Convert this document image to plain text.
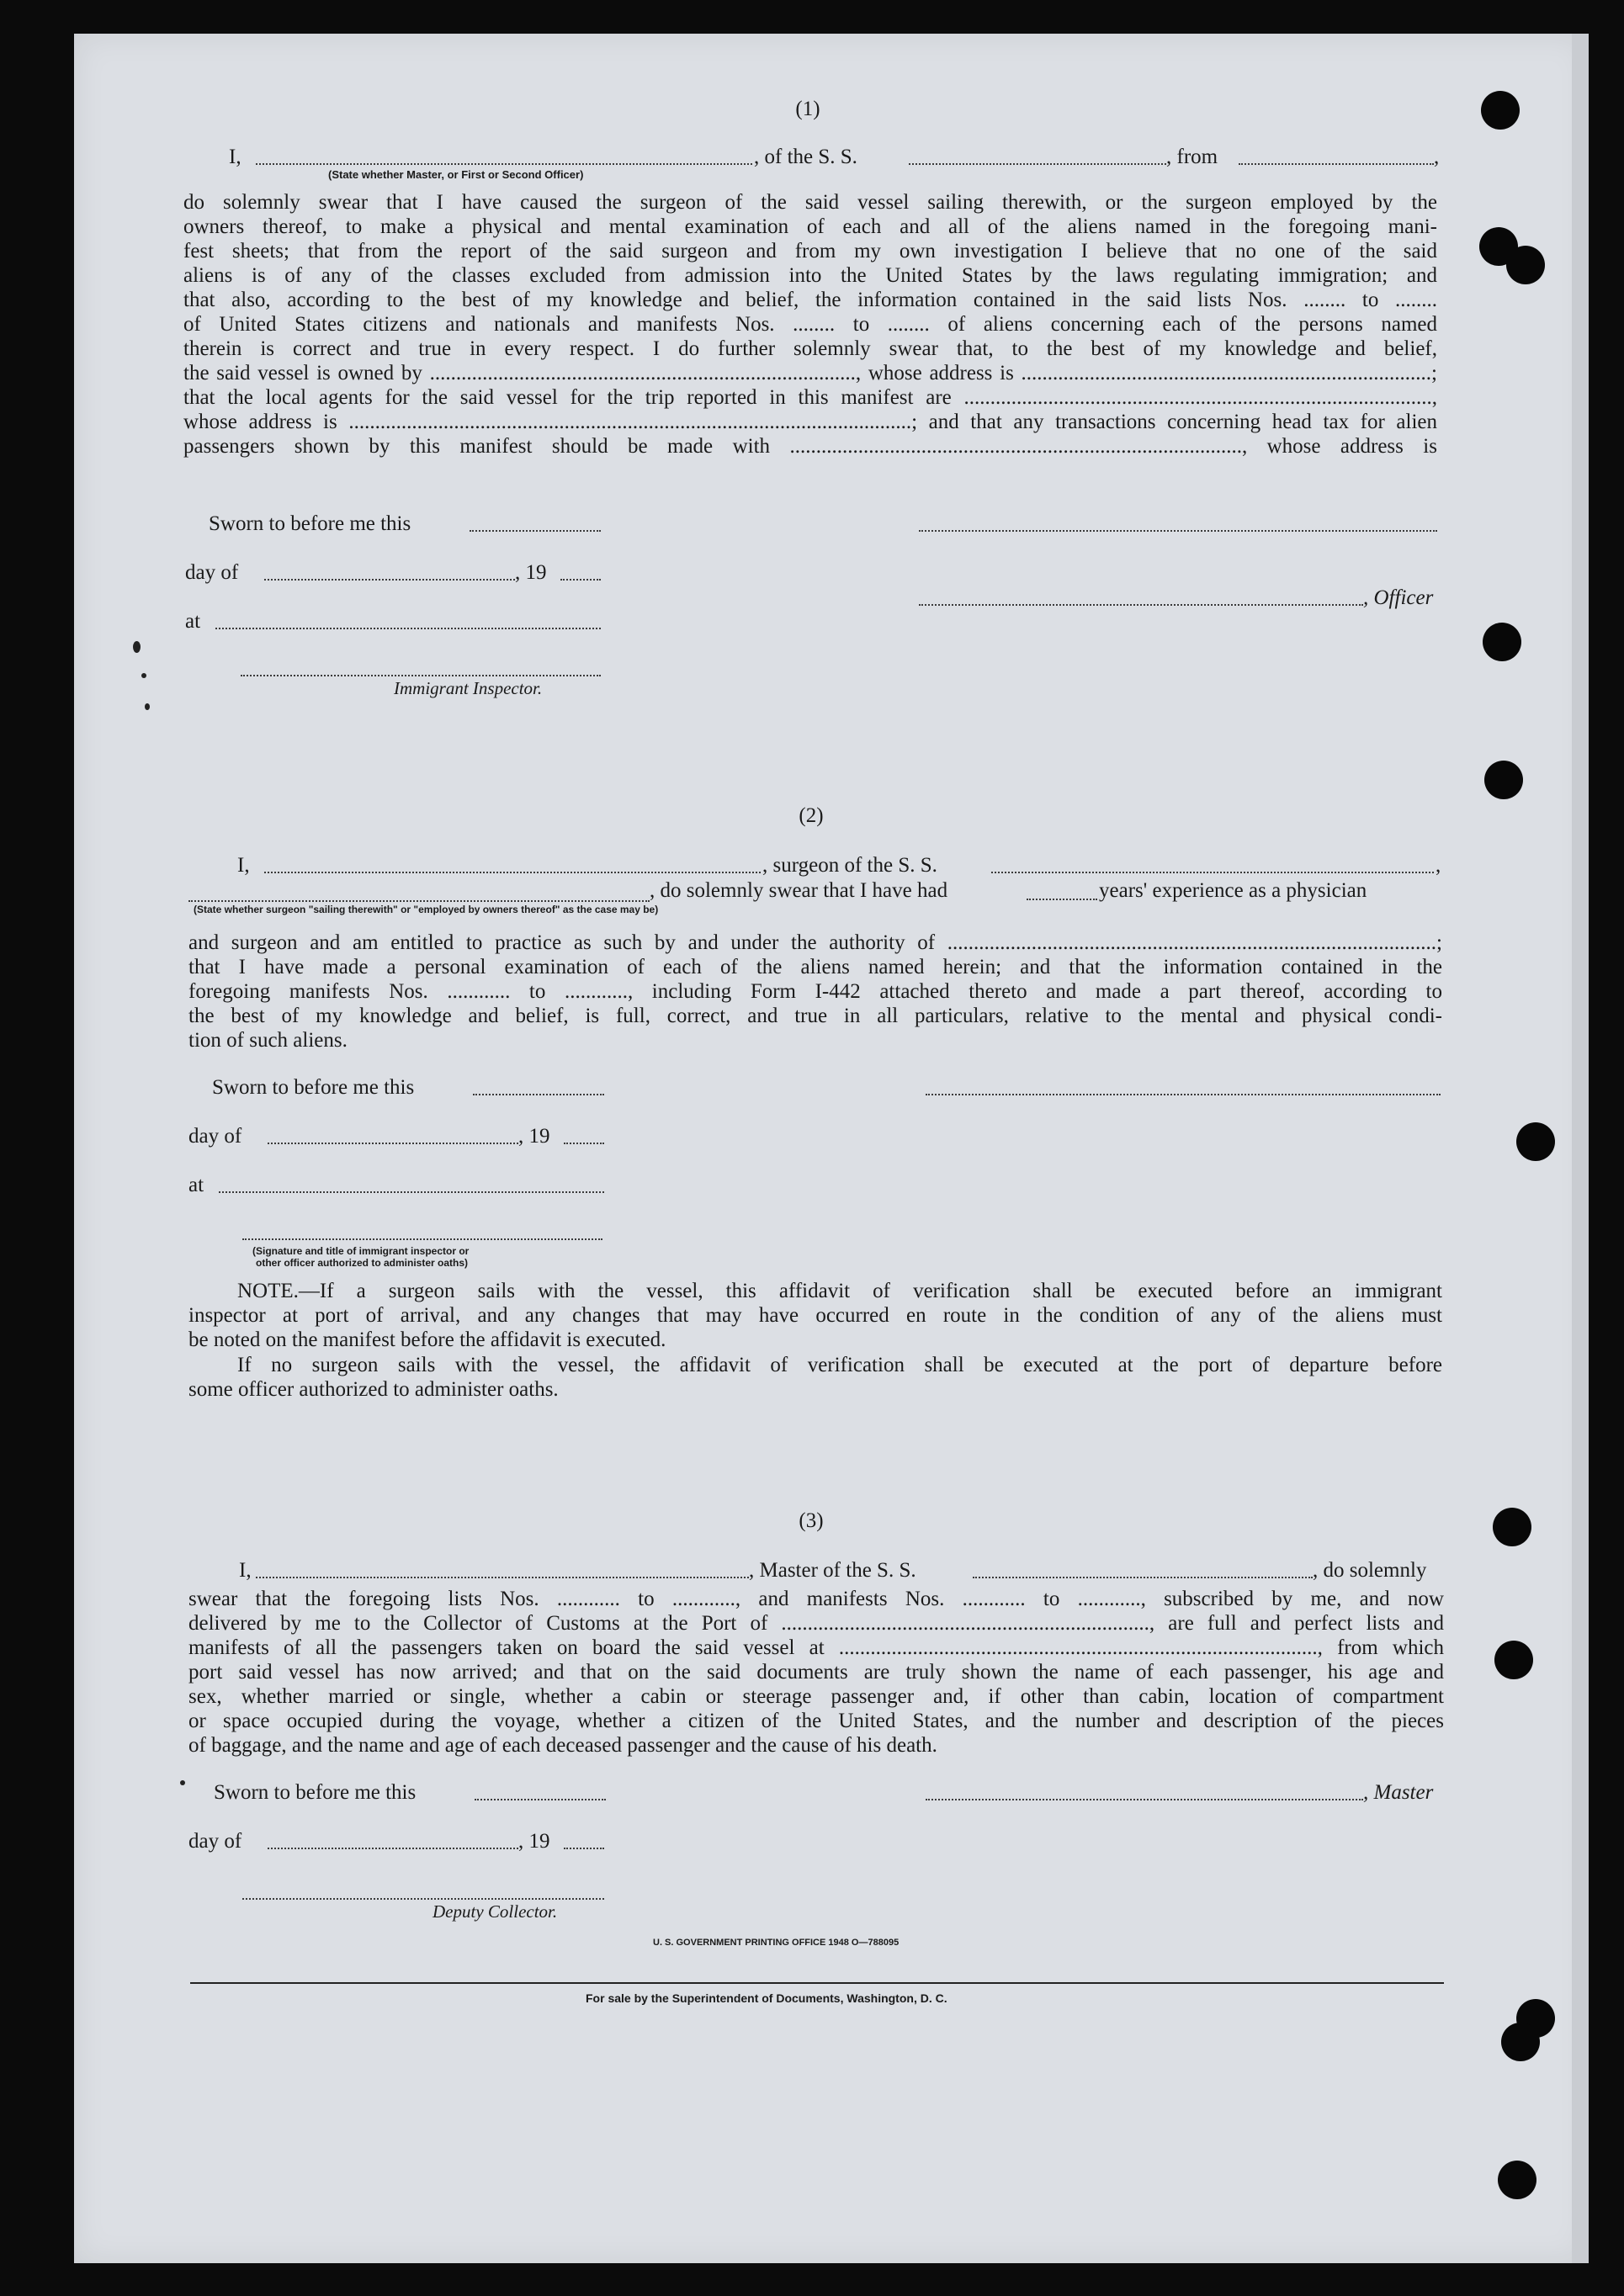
(1)
I,	, of the S. S.	, from	,
(State whether Master, or First or Second Officer)
do solemnly swear that I have caused the surgeon of the said vessel sailing therewith, or the surgeon employed by the
owners thereof, to make a physical and mental examination of each and all of the aliens named in the foregoing mani-
fest sheets; that from the report of the said surgeon and from my own investigation I believe that no one of the said
aliens is of any of the classes excluded from admission into the United States by the laws regulating immigration; and
that also, according to the best of my knowledge and belief, the information contained in the said lists Nos. ........ to ........
of United States citizens and nationals and manifests Nos. ........ to ........ of aliens concerning each of the persons named
therein is correct and true in every respect. I do further solemnly swear that, to the best of my knowledge and belief,
the said vessel is owned by ................................................................................., whose address is ..............................................................................;
that the local agents for the said vessel for the trip reported in this manifest are .........................................................................................,
whose address is ...........................................................................................................; and that any transactions concerning head tax for alien
passengers shown by this manifest should be made with ......................................................................................, whose address is
Sworn to before me this
day of	, 19
, Officer
at
Immigrant Inspector.
(2)
I,	, surgeon of the S. S.	,
, do solemnly swear that I have had	years' experience as a physician
(State whether surgeon "sailing therewith" or "employed by owners thereof" as the case may be)
and surgeon and am entitled to practice as such by and under the authority of .............................................................................................;
that I have made a personal examination of each of the aliens named herein; and that the information contained in the
foregoing manifests Nos. ............ to ............, including Form I-442 attached thereto and made a part thereof, according to
the best of my knowledge and belief, is full, correct, and true in all particulars, relative to the mental and physical condi-
tion of such aliens.
Sworn to before me this
day of	, 19
at
(Signature and title of immigrant inspector or
other officer authorized to administer oaths)
NOTE.—If a surgeon sails with the vessel, this affidavit of verification shall be executed before an immigrant
inspector at port of arrival, and any changes that may have occurred en route in the condition of any of the aliens must
be noted on the manifest before the affidavit is executed.
If no surgeon sails with the vessel, the affidavit of verification shall be executed at the port of departure before
some officer authorized to administer oaths.
(3)
I,	, Master of the S. S.	, do solemnly
swear that the foregoing lists Nos. ............ to ............, and manifests Nos. ............ to ............, subscribed by me, and now
delivered by me to the Collector of Customs at the Port of ......................................................................, are full and perfect lists and
manifests of all the passengers taken on board the said vessel at ..........................................................................................., from which
port said vessel has now arrived; and that on the said documents are truly shown the name of each passenger, his age and
sex, whether married or single, whether a cabin or steerage passenger and, if other than cabin, location of compartment
or space occupied during the voyage, whether a citizen of the United States, and the number and description of the pieces
of baggage, and the name and age of each deceased passenger and the cause of his death.
Sworn to before me this	, Master
day of	, 19
Deputy Collector.
U. S. GOVERNMENT PRINTING OFFICE 1948 O—788095
For sale by the Superintendent of Documents, Washington, D. C.
